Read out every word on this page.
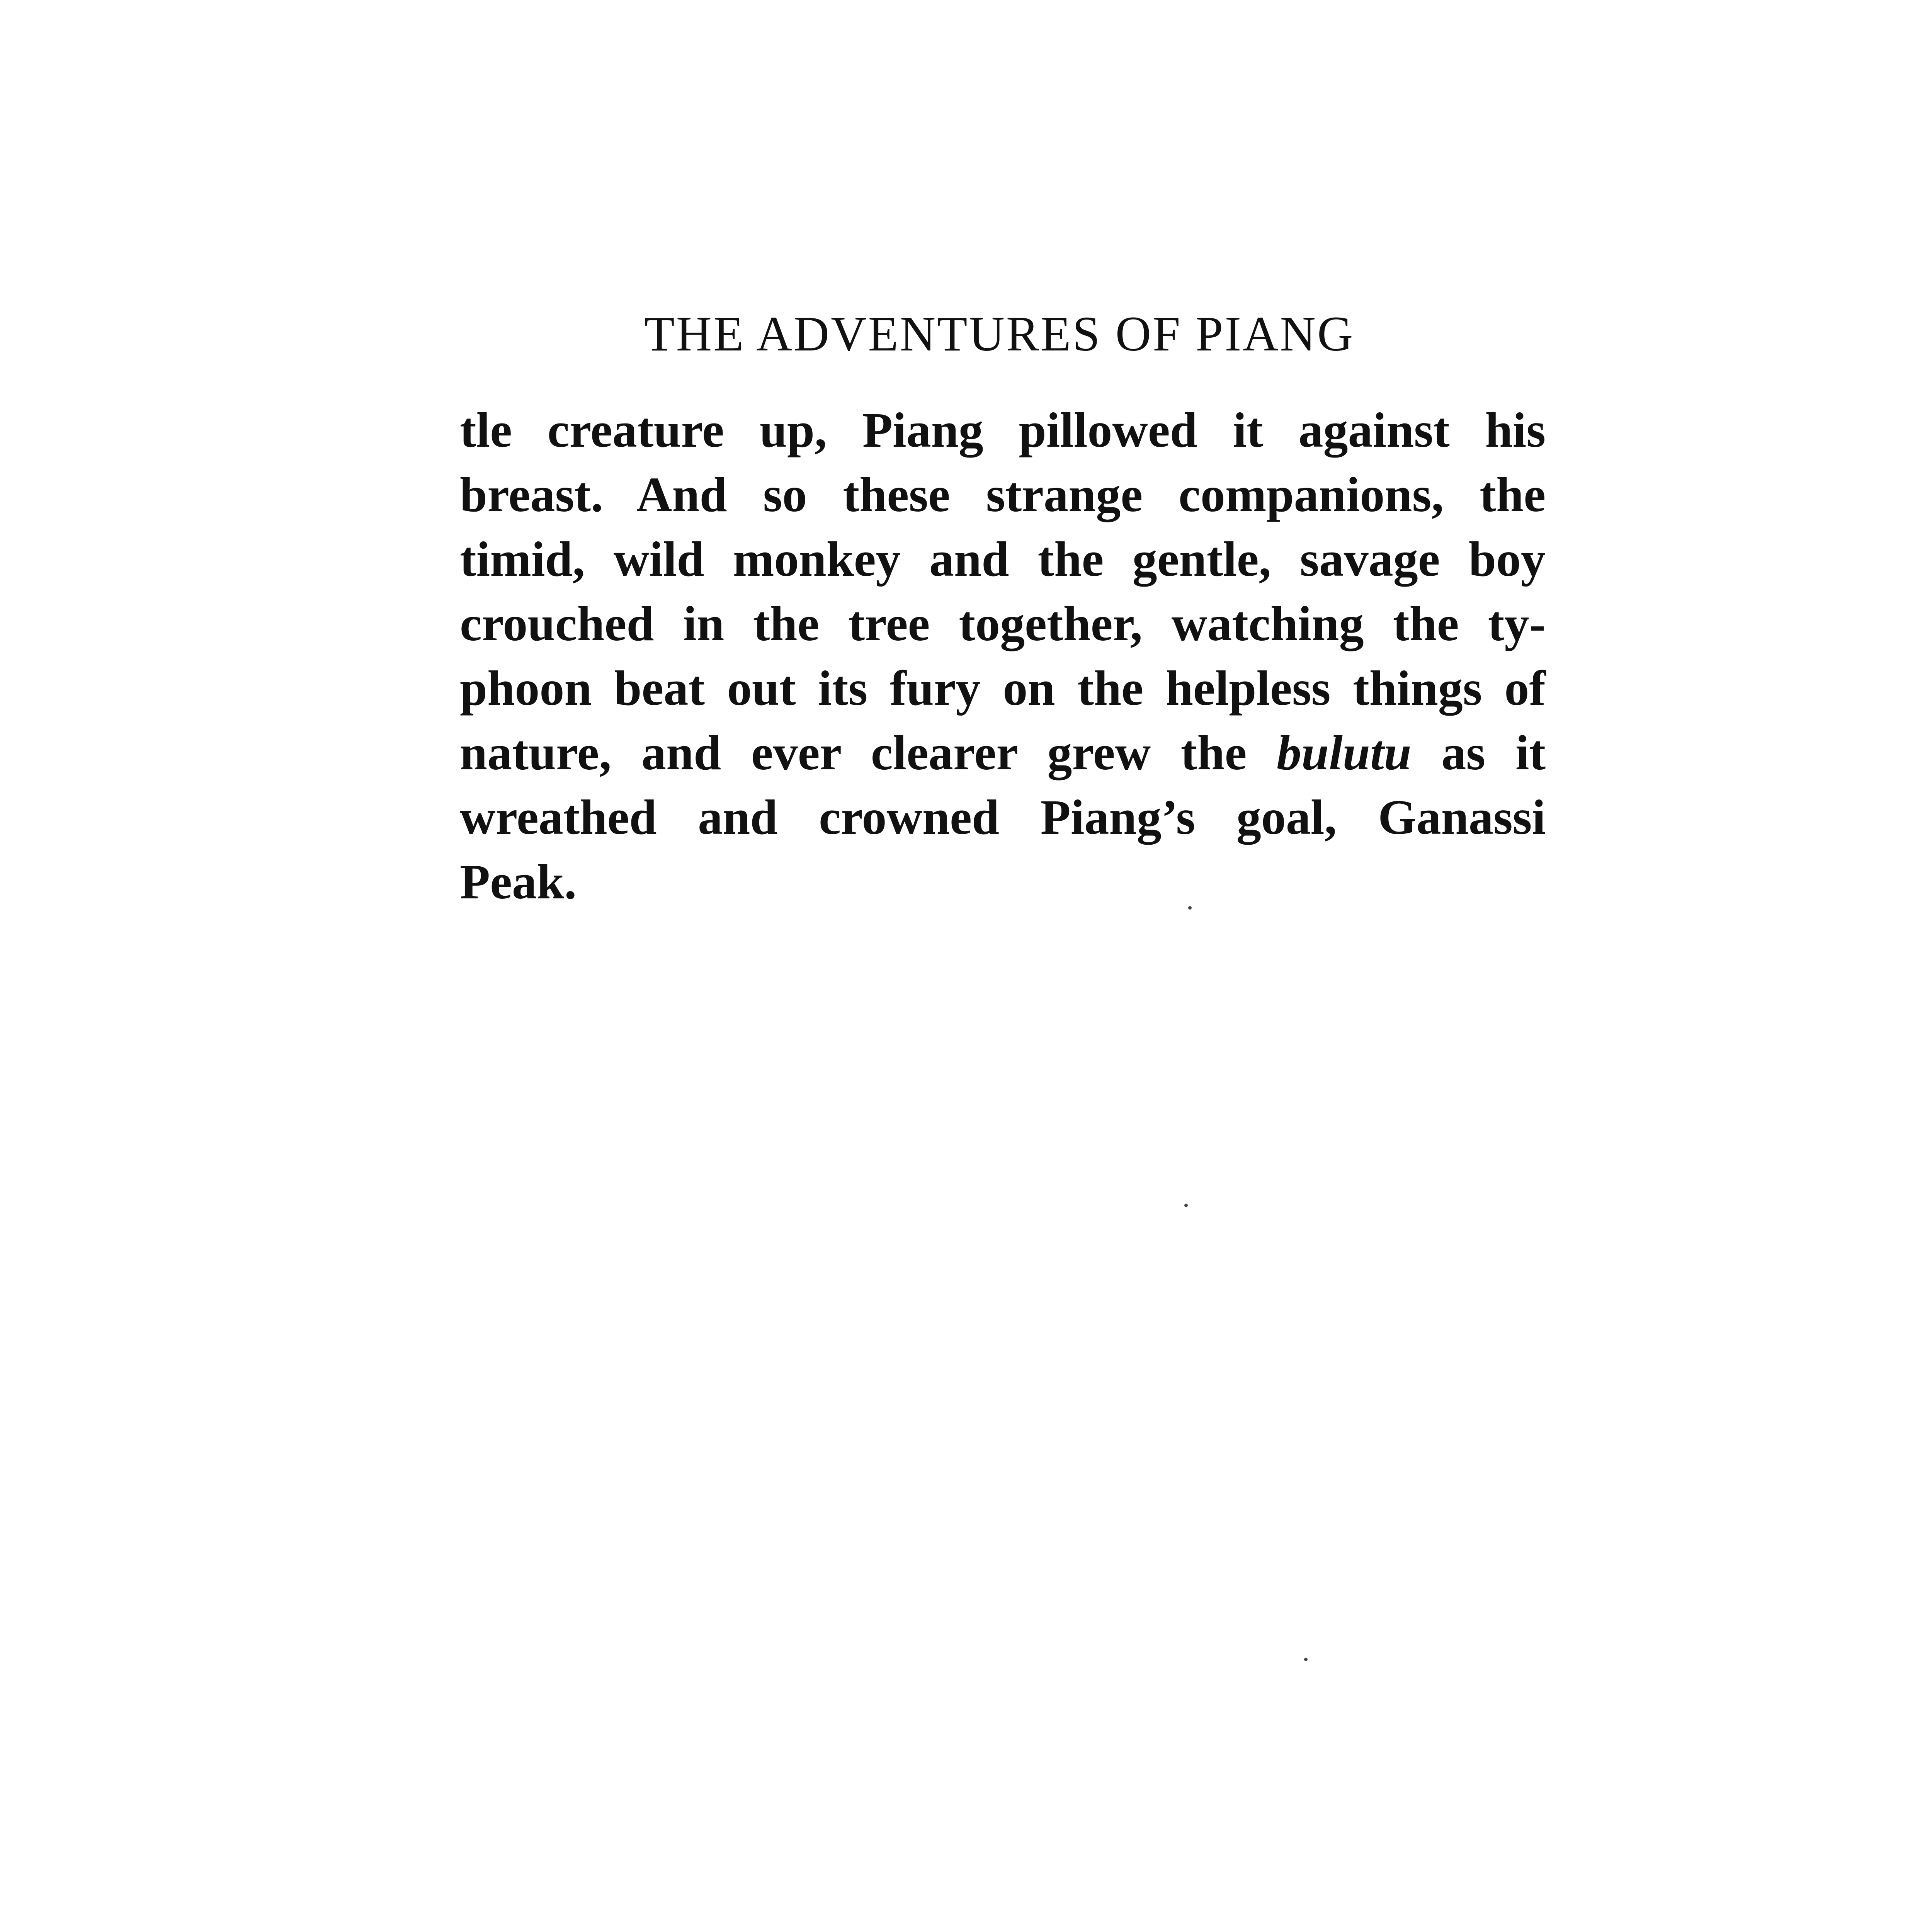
THE ADVENTURES OF PIANG
tle creature up, Piang pillowed it against his
breast. And so these strange companions, the
timid, wild monkey and the gentle, savage boy
crouched in the tree together, watching the ty-
phoon beat out its fury on the helpless things of
nature, and ever clearer grew the bulutu as it
wreathed and crowned Piang’s goal, Ganassi
Peak.
